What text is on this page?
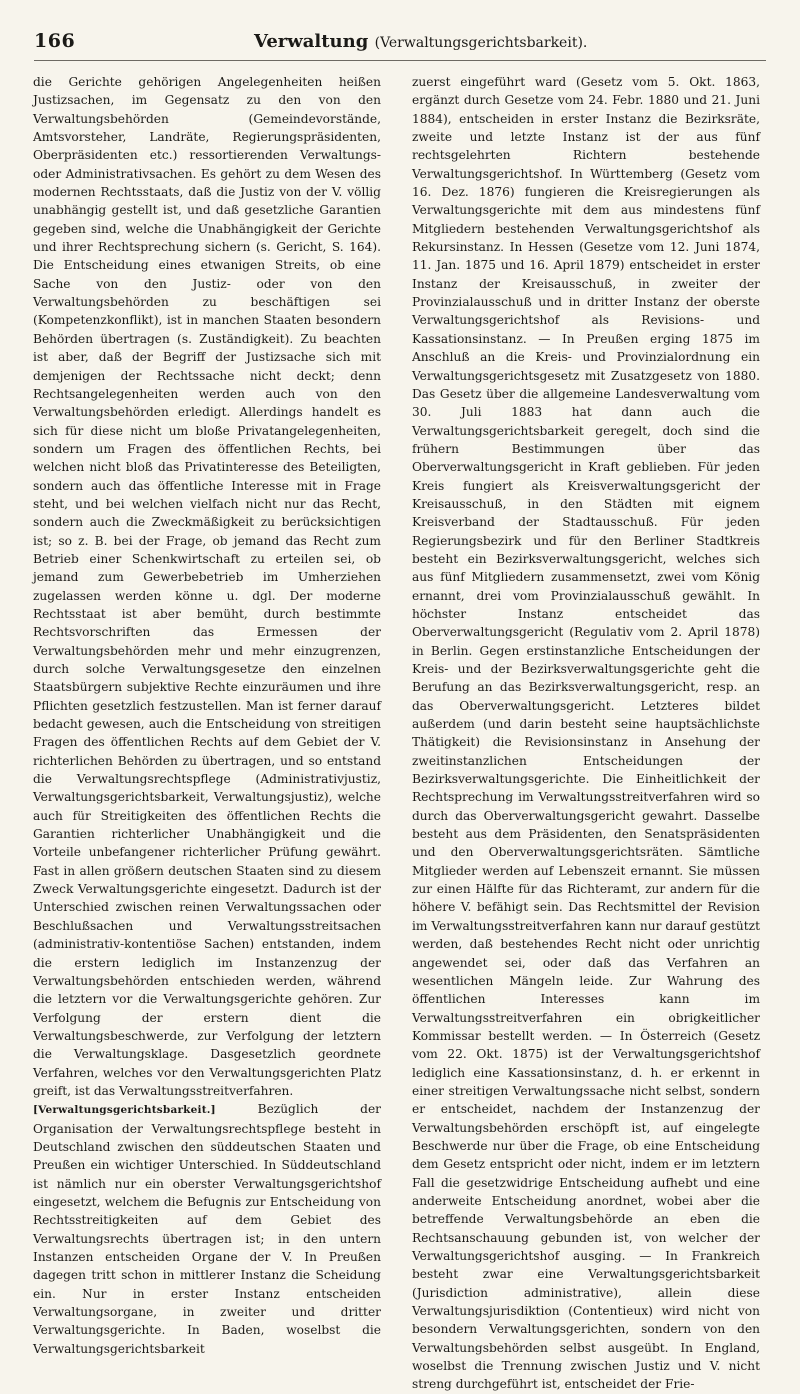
166	Verwaltung (Verwaltungsgerichtsbarkeit).

die Gerichte gehörigen Angelegenheiten heißen Justizsachen, im Gegensatz zu den von den Verwaltungsbehörden (Gemeindevorstände, Amtsvorsteher, Landräte, Regierungspräsidenten, Oberpräsidenten etc.) ressortierenden Verwaltungs- oder Administrativsachen. Es gehört zu dem Wesen des modernen Rechtsstaats, daß die Justiz von der V. völlig unabhängig gestellt ist, und daß gesetzliche Garantien gegeben sind, welche die Unabhängigkeit der Gerichte und ihrer Rechtsprechung sichern (s. Gericht, S. 164). Die Entscheidung eines etwanigen Streits, ob eine Sache von den Justiz- oder von den Verwaltungsbehörden zu beschäftigen sei (Kompetenzkonflikt), ist in manchen Staaten besondern Behörden übertragen (s. Zuständigkeit). Zu beachten ist aber, daß der Begriff der Justizsache sich mit demjenigen der Rechtssache nicht deckt; denn Rechtsangelegenheiten werden auch von den Verwaltungsbehörden erledigt. Allerdings handelt es sich für diese nicht um bloße Privatangelegenheiten, sondern um Fragen des öffentlichen Rechts, bei welchen nicht bloß das Privatinteresse des Beteiligten, sondern auch das öffentliche Interesse mit in Frage steht, und bei welchen vielfach nicht nur das Recht, sondern auch die Zweckmäßigkeit zu berücksichtigen ist; so z. B. bei der Frage, ob jemand das Recht zum Betrieb einer Schenkwirtschaft zu erteilen sei, ob jemand zum Gewerbebetrieb im Umherziehen zugelassen werden könne u. dgl. Der moderne Rechtsstaat ist aber bemüht, durch bestimmte Rechtsvorschriften das Ermessen der Verwaltungsbehörden mehr und mehr einzugrenzen, durch solche Verwaltungsgesetze den einzelnen Staatsbürgern subjektive Rechte einzuräumen und ihre Pflichten gesetzlich festzustellen. Man ist ferner darauf bedacht gewesen, auch die Entscheidung von streitigen Fragen des öffentlichen Rechts auf dem Gebiet der V. richterlichen Behörden zu übertragen, und so entstand die Verwaltungsrechtspflege (Administrativjustiz, Verwaltungsgerichtsbarkeit, Verwaltungsjustiz), welche auch für Streitigkeiten des öffentlichen Rechts die Garantien richterlicher Unabhängigkeit und die Vorteile unbefangener richterlicher Prüfung gewährt. Fast in allen größern deutschen Staaten sind zu diesem Zweck Verwaltungsgerichte eingesetzt. Dadurch ist der Unterschied zwischen reinen Verwaltungssachen oder Beschlußsachen und Verwaltungsstreitsachen (administrativ-kontentiöse Sachen) entstanden, indem die erstern lediglich im Instanzenzug der Verwaltungsbehörden entschieden werden, während die letztern vor die Verwaltungsgerichte gehören. Zur Verfolgung der erstern dient die Verwaltungsbeschwerde, zur Verfolgung der letztern die Verwaltungsklage. Dasgesetzlich geordnete Verfahren, welches vor den Verwaltungsgerichten Platz greift, ist das Verwaltungsstreitverfahren.

[Verwaltungsgerichtsbarkeit.] Bezüglich der Organisation der Verwaltungsrechtspflege besteht in Deutschland zwischen den süddeutschen Staaten und Preußen ein wichtiger Unterschied. In Süddeutschland ist nämlich nur ein oberster Verwaltungsgerichtshof eingesetzt, welchem die Befugnis zur Entscheidung von Rechtsstreitigkeiten auf dem Gebiet des Verwaltungsrechts übertragen ist; in den untern Instanzen entscheiden Organe der V. In Preußen dagegen tritt schon in mittlerer Instanz die Scheidung ein. Nur in erster Instanz entscheiden Verwaltungsorgane, in zweiter und dritter Verwaltungsgerichte. In Baden, woselbst die Verwaltungsgerichtsbarkeit

zuerst eingeführt ward (Gesetz vom 5. Okt. 1863, ergänzt durch Gesetze vom 24. Febr. 1880 und 21. Juni 1884), entscheiden in erster Instanz die Bezirksräte, zweite und letzte Instanz ist der aus fünf rechtsgelehrten Richtern bestehende Verwaltungsgerichtshof. In Württemberg (Gesetz vom 16. Dez. 1876) fungieren die Kreisregierungen als Verwaltungsgerichte mit dem aus mindestens fünf Mitgliedern bestehenden Verwaltungsgerichtshof als Rekursinstanz. In Hessen (Gesetze vom 12. Juni 1874, 11. Jan. 1875 und 16. April 1879) entscheidet in erster Instanz der Kreisausschuß, in zweiter der Provinzialausschuß und in dritter Instanz der oberste Verwaltungsgerichtshof als Revisions- und Kassationsinstanz. — In Preußen erging 1875 im Anschluß an die Kreis- und Provinzialordnung ein Verwaltungsgerichtsgesetz mit Zusatzgesetz von 1880. Das Gesetz über die allgemeine Landesverwaltung vom 30. Juli 1883 hat dann auch die Verwaltungsgerichtsbarkeit geregelt, doch sind die frühern Bestimmungen über das Oberverwaltungsgericht in Kraft geblieben. Für jeden Kreis fungiert als Kreisverwaltungsgericht der Kreisausschuß, in den Städten mit eignem Kreisverband der Stadtausschuß. Für jeden Regierungsbezirk und für den Berliner Stadtkreis besteht ein Bezirksverwaltungsgericht, welches sich aus fünf Mitgliedern zusammensetzt, zwei vom König ernannt, drei vom Provinzialausschuß gewählt. In höchster Instanz entscheidet das Oberverwaltungsgericht (Regulativ vom 2. April 1878) in Berlin. Gegen erstinstanzliche Entscheidungen der Kreis- und der Bezirksverwaltungsgerichte geht die Berufung an das Bezirksverwaltungsgericht, resp. an das Oberverwaltungsgericht. Letzteres bildet außerdem (und darin besteht seine hauptsächlichste Thätigkeit) die Revisionsinstanz in Ansehung der zweitinstanzlichen Entscheidungen der Bezirksverwaltungsgerichte. Die Einheitlichkeit der Rechtsprechung im Verwaltungsstreitverfahren wird so durch das Oberverwaltungsgericht gewahrt. Dasselbe besteht aus dem Präsidenten, den Senatspräsidenten und den Oberverwaltungsgerichtsräten. Sämtliche Mitglieder werden auf Lebenszeit ernannt. Sie müssen zur einen Hälfte für das Richteramt, zur andern für die höhere V. befähigt sein. Das Rechtsmittel der Revision im Verwaltungsstreitverfahren kann nur darauf gestützt werden, daß bestehendes Recht nicht oder unrichtig angewendet sei, oder daß das Verfahren an wesentlichen Mängeln leide. Zur Wahrung des öffentlichen Interesses kann im Verwaltungsstreitverfahren ein obrigkeitlicher Kommissar bestellt werden. — In Österreich (Gesetz vom 22. Okt. 1875) ist der Verwaltungsgerichtshof lediglich eine Kassationsinstanz, d. h. er erkennt in einer streitigen Verwaltungssache nicht selbst, sondern er entscheidet, nachdem der Instanzenzug der Verwaltungsbehörden erschöpft ist, auf eingelegte Beschwerde nur über die Frage, ob eine Entscheidung dem Gesetz entspricht oder nicht, indem er im letztern Fall die gesetzwidrige Entscheidung aufhebt und eine anderweite Entscheidung anordnet, wobei aber die betreffende Verwaltungsbehörde an eben die Rechtsanschauung gebunden ist, von welcher der Verwaltungsgerichtshof ausging. — In Frankreich besteht zwar eine Verwaltungsgerichtsbarkeit (Jurisdiction administrative), allein diese Verwaltungsjurisdiktion (Contentieux) wird nicht von besondern Verwaltungsgerichten, sondern von den Verwaltungsbehörden selbst ausgeübt. In England, woselbst die Trennung zwischen Justiz und V. nicht streng durchgeführt ist, entscheidet der Frie-
